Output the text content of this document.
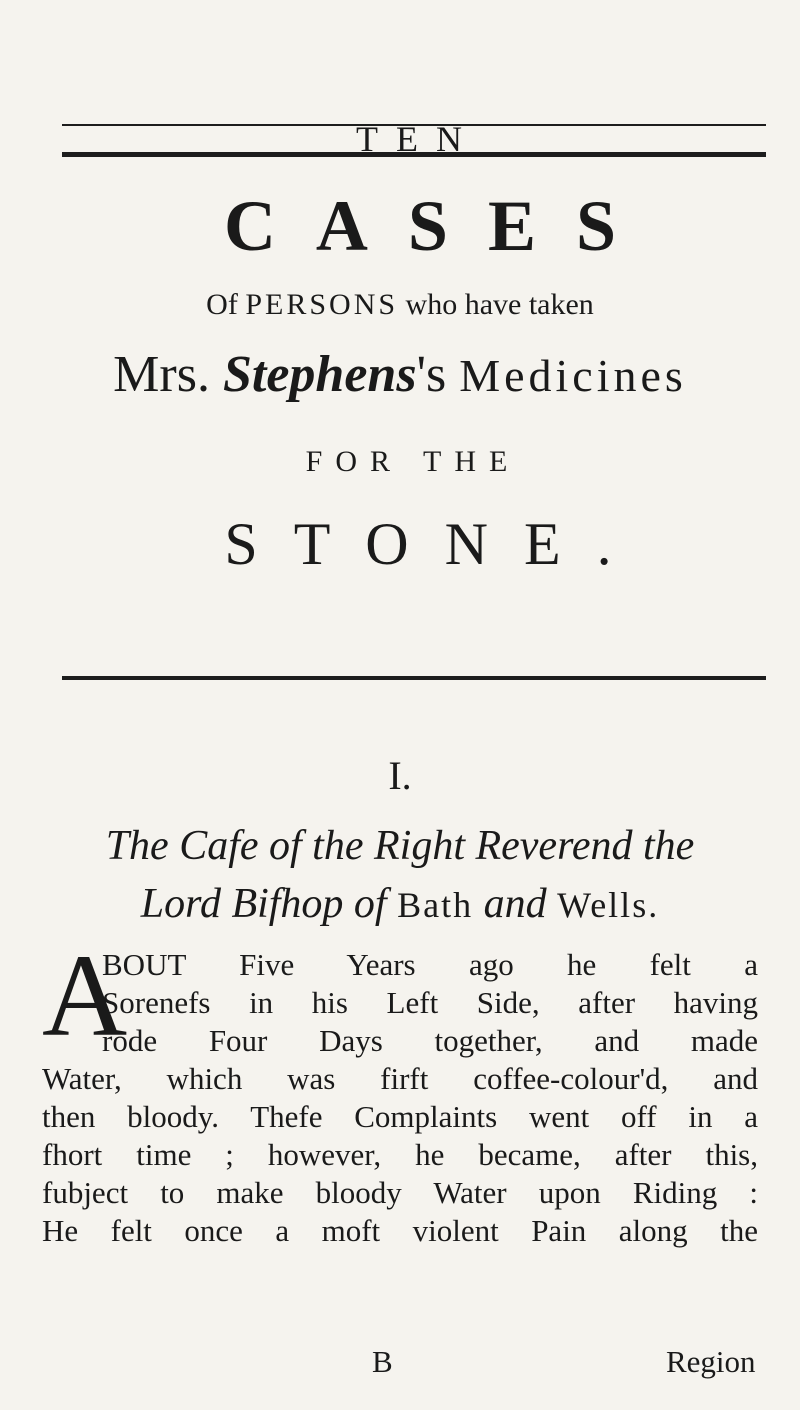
TEN
CASES
Of PERSONS who have taken
Mrs. Stephens's Medicines
FOR THE
STONE.
I.
The Cafe of the Right Reverend the
Lord Bifhop of Bath and Wells.
A
BOUT Five Years ago he felt a
Sorenefs in his Left Side, after having
rode Four Days together, and made
Water, which was firft coffee-colour'd, and
then bloody. Thefe Complaints went off in a
fhort time ; however, he became, after this,
fubject to make bloody Water upon Riding :
He felt once a moft violent Pain along the
B	Region
